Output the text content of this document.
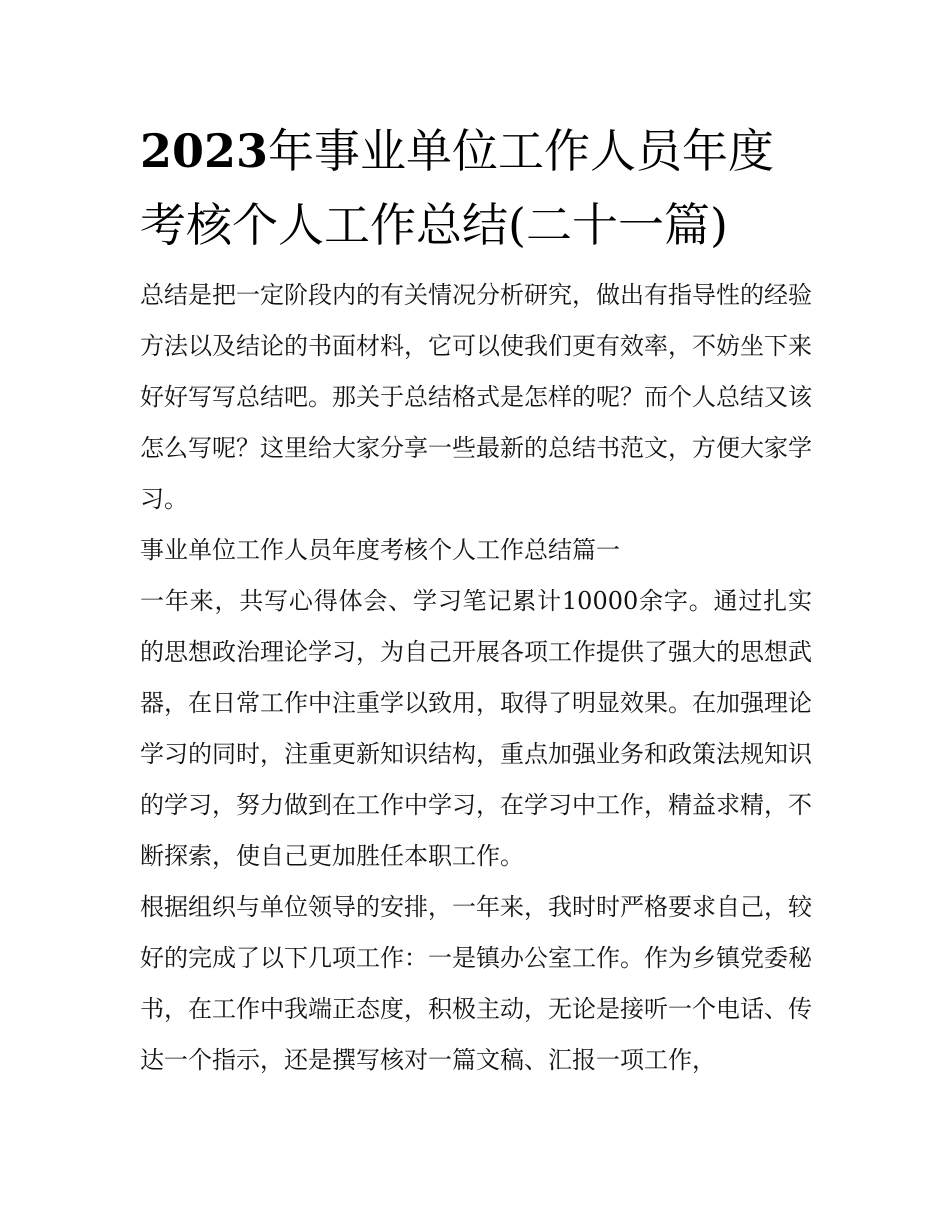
2023年事业单位工作人员年度
考核个人工作总结(二十一篇)

总结是把一定阶段内的有关情况分析研究，做出有指导性的经验方法以及结论的书面材料，它可以使我们更有效率，不妨坐下来好好写写总结吧。那关于总结格式是怎样的呢？而个人总结又该怎么写呢？这里给大家分享一些最新的总结书范文，方便大家学习。

事业单位工作人员年度考核个人工作总结篇一

一年来，共写心得体会、学习笔记累计10000余字。通过扎实的思想政治理论学习，为自己开展各项工作提供了强大的思想武器，在日常工作中注重学以致用，取得了明显效果。在加强理论学习的同时，注重更新知识结构，重点加强业务和政策法规知识的学习，努力做到在工作中学习，在学习中工作，精益求精，不断探索，使自己更加胜任本职工作。

根据组织与单位领导的安排，一年来，我时时严格要求自己，较好的完成了以下几项工作：一是镇办公室工作。作为乡镇党委秘书，在工作中我端正态度，积极主动，无论是接听一个电话、传达一个指示，还是撰写核对一篇文稿、汇报一项工作，
